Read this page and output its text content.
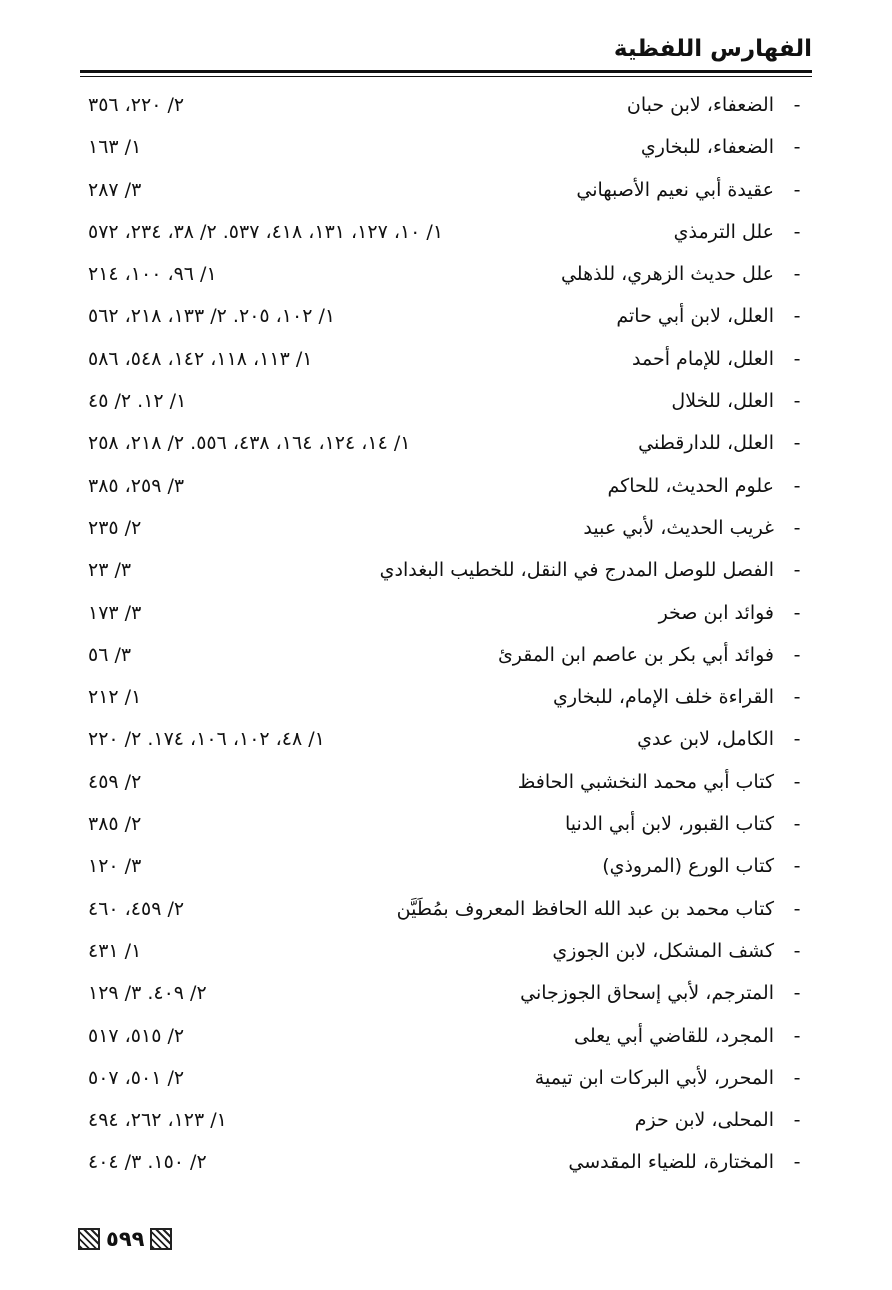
الفهارس اللفظية
-
الضعفاء، لابن حبان
٢/ ٢٢٠، ٣٥٦
-
الضعفاء، للبخاري
١/ ١٦٣
-
عقيدة أبي نعيم الأصبهاني
٣/ ٢٨٧
-
علل الترمذي
١/ ١٠، ١٢٧، ١٣١، ٤١٨، ٥٣٧. ٢/ ٣٨، ٢٣٤، ٥٧٢
-
علل حديث الزهري، للذهلي
١/ ٩٦، ١٠٠، ٢١٤
-
العلل، لابن أبي حاتم
١/ ١٠٢، ٢٠٥. ٢/ ١٣٣، ٢١٨، ٥٦٢
-
العلل، للإمام أحمد
١/ ١١٣، ١١٨، ١٤٢، ٥٤٨، ٥٨٦
-
العلل، للخلال
١/ ١٢. ٢/ ٤٥
-
العلل، للدارقطني
١/ ١٤، ١٢٤، ١٦٤، ٤٣٨، ٥٥٦. ٢/ ٢١٨، ٢٥٨
-
علوم الحديث، للحاكم
٣/ ٢٥٩، ٣٨٥
-
غريب الحديث، لأبي عبيد
٢/ ٢٣٥
-
الفصل للوصل المدرج في النقل، للخطيب البغدادي
٣/ ٢٣
-
فوائد ابن صخر
٣/ ١٧٣
-
فوائد أبي بكر بن عاصم ابن المقرئ
٣/ ٥٦
-
القراءة خلف الإمام، للبخاري
١/ ٢١٢
-
الكامل، لابن عدي
١/ ٤٨، ١٠٢، ١٠٦، ١٧٤. ٢/ ٢٢٠
-
كتاب أبي محمد النخشبي الحافظ
٢/ ٤٥٩
-
كتاب القبور، لابن أبي الدنيا
٢/ ٣٨٥
-
كتاب الورع (المروذي)
٣/ ١٢٠
-
كتاب محمد بن عبد الله الحافظ المعروف بمُطَيَّن
٢/ ٤٥٩، ٤٦٠
-
كشف المشكل، لابن الجوزي
١/ ٤٣١
-
المترجم، لأبي إسحاق الجوزجاني
٢/ ٤٠٩. ٣/ ١٢٩
-
المجرد، للقاضي أبي يعلى
٢/ ٥١٥، ٥١٧
-
المحرر، لأبي البركات ابن تيمية
٢/ ٥٠١، ٥٠٧
-
المحلى، لابن حزم
١/ ١٢٣، ٢٦٢، ٤٩٤
-
المختارة، للضياء المقدسي
٢/ ١٥٠. ٣/ ٤٠٤
٥٩٩
